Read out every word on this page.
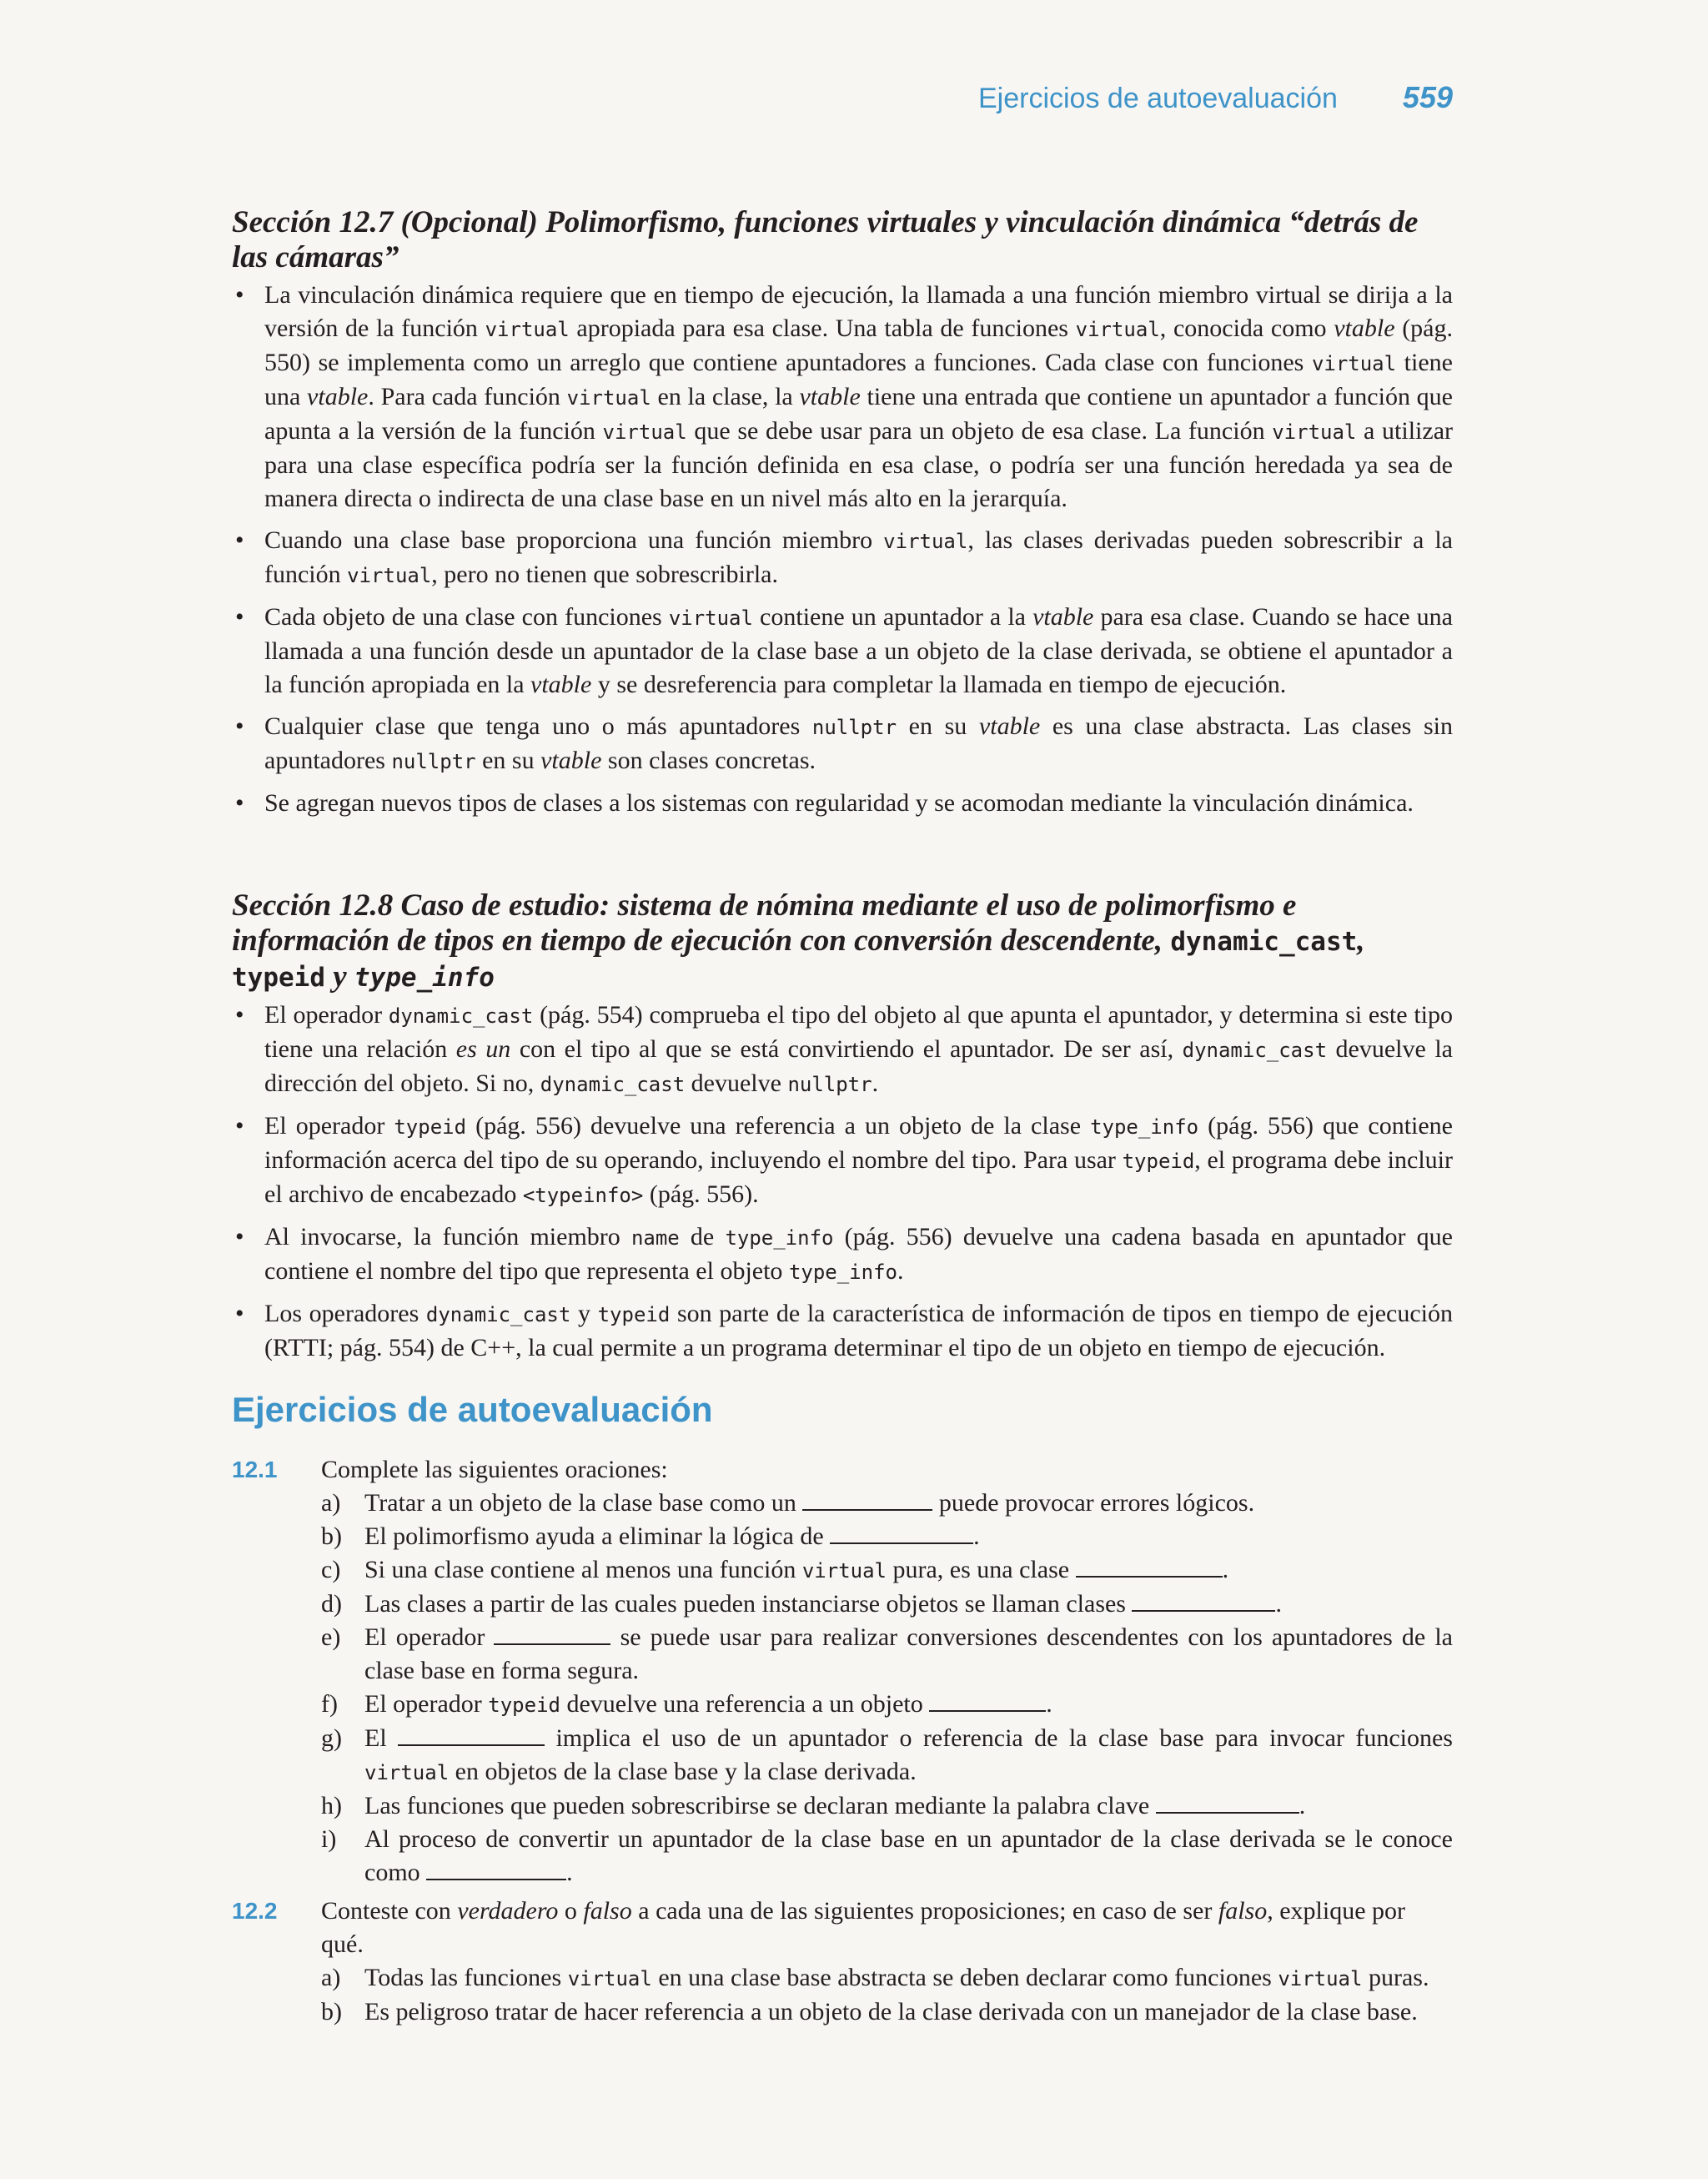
Ejercicios de autoevaluación 559
Sección 12.7 (Opcional) Polimorfismo, funciones virtuales y vinculación dinámica “detrás de las cámaras”
• La vinculación dinámica requiere que en tiempo de ejecución, la llamada a una función miembro virtual se dirija a la versión de la función virtual apropiada para esa clase. Una tabla de funciones virtual, conocida como vtable (pág. 550) se implementa como un arreglo que contiene apuntadores a funciones. Cada clase con funciones virtual tiene una vtable. Para cada función virtual en la clase, la vtable tiene una entrada que contiene un apuntador a función que apunta a la versión de la función virtual que se debe usar para un objeto de esa clase. La función virtual a utilizar para una clase específica podría ser la función definida en esa clase, o podría ser una función heredada ya sea de manera directa o indirecta de una clase base en un nivel más alto en la jerarquía.
• Cuando una clase base proporciona una función miembro virtual, las clases derivadas pueden sobrescribir a la función virtual, pero no tienen que sobrescribirla.
• Cada objeto de una clase con funciones virtual contiene un apuntador a la vtable para esa clase. Cuando se hace una llamada a una función desde un apuntador de la clase base a un objeto de la clase derivada, se obtiene el apuntador a la función apropiada en la vtable y se desreferencia para completar la llamada en tiempo de ejecución.
• Cualquier clase que tenga uno o más apuntadores nullptr en su vtable es una clase abstracta. Las clases sin apuntadores nullptr en su vtable son clases concretas.
• Se agregan nuevos tipos de clases a los sistemas con regularidad y se acomodan mediante la vinculación dinámica.
Sección 12.8 Caso de estudio: sistema de nómina mediante el uso de polimorfismo e información de tipos en tiempo de ejecución con conversión descendente, dynamic_cast, typeid y type_info
• El operador dynamic_cast (pág. 554) comprueba el tipo del objeto al que apunta el apuntador, y determina si este tipo tiene una relación es un con el tipo al que se está convirtiendo el apuntador. De ser así, dynamic_cast devuelve la dirección del objeto. Si no, dynamic_cast devuelve nullptr.
• El operador typeid (pág. 556) devuelve una referencia a un objeto de la clase type_info (pág. 556) que contiene información acerca del tipo de su operando, incluyendo el nombre del tipo. Para usar typeid, el programa debe incluir el archivo de encabezado <typeinfo> (pág. 556).
• Al invocarse, la función miembro name de type_info (pág. 556) devuelve una cadena basada en apuntador que contiene el nombre del tipo que representa el objeto type_info.
• Los operadores dynamic_cast y typeid son parte de la característica de información de tipos en tiempo de ejecución (RTTI; pág. 554) de C++, la cual permite a un programa determinar el tipo de un objeto en tiempo de ejecución.
Ejercicios de autoevaluación
12.1 Complete las siguientes oraciones:
a) Tratar a un objeto de la clase base como un	puede provocar errores lógicos.
b) El polimorfismo ayuda a eliminar la lógica de	.
c) Si una clase contiene al menos una función virtual pura, es una clase	.
d) Las clases a partir de las cuales pueden instanciarse objetos se llaman clases	.
e) El operador	se puede usar para realizar conversiones descendentes con los apuntadores de la clase base en forma segura.
f) El operador typeid devuelve una referencia a un objeto	.
g) El	implica el uso de un apuntador o referencia de la clase base para invocar funciones virtual en objetos de la clase base y la clase derivada.
h) Las funciones que pueden sobrescribirse se declaran mediante la palabra clave	.
i) Al proceso de convertir un apuntador de la clase base en un apuntador de la clase derivada se le conoce como	.
12.2 Conteste con verdadero o falso a cada una de las siguientes proposiciones; en caso de ser falso, explique por qué.
a) Todas las funciones virtual en una clase base abstracta se deben declarar como funciones virtual puras.
b) Es peligroso tratar de hacer referencia a un objeto de la clase derivada con un manejador de la clase base.
